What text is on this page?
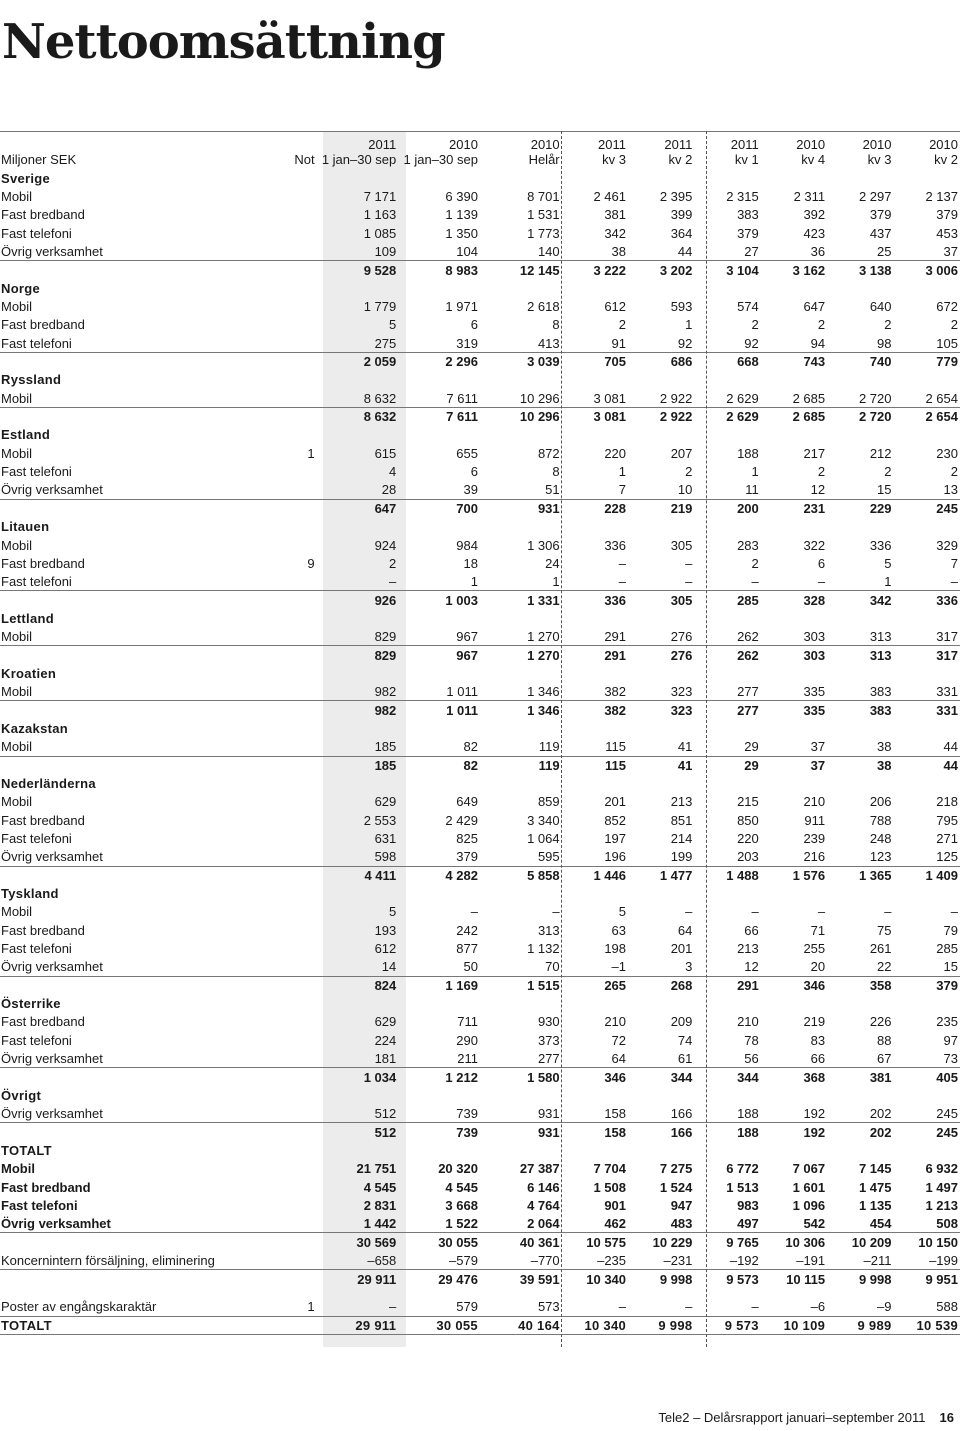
Nettoomsättning
		2011	2010	2010	2011	2011	2011	2010	2010	2010
Miljoner SEK	Not	1 jan–30 sep	1 jan–30 sep	Helår	kv 3	kv 2	kv 1	kv 4	kv 3	kv 2
Sverige										
Mobil		7 171	6 390	8 701	2 461	2 395	2 315	2 311	2 297	2 137
Fast bredband		1 163	1 139	1 531	381	399	383	392	379	379
Fast telefoni		1 085	1 350	1 773	342	364	379	423	437	453
Övrig verksamhet		109	104	140	38	44	27	36	25	37
		9 528	8 983	12 145	3 222	3 202	3 104	3 162	3 138	3 006
Norge										
Mobil		1 779	1 971	2 618	612	593	574	647	640	672
Fast bredband		5	6	8	2	1	2	2	2	2
Fast telefoni		275	319	413	91	92	92	94	98	105
		2 059	2 296	3 039	705	686	668	743	740	779
Ryssland										
Mobil		8 632	7 611	10 296	3 081	2 922	2 629	2 685	2 720	2 654
		8 632	7 611	10 296	3 081	2 922	2 629	2 685	2 720	2 654
Estland										
Mobil	1	615	655	872	220	207	188	217	212	230
Fast telefoni		4	6	8	1	2	1	2	2	2
Övrig verksamhet		28	39	51	7	10	11	12	15	13
		647	700	931	228	219	200	231	229	245
Litauen										
Mobil		924	984	1 306	336	305	283	322	336	329
Fast bredband	9	2	18	24	–	–	2	6	5	7
Fast telefoni		–	1	1	–	–	–	–	1	–
		926	1 003	1 331	336	305	285	328	342	336
Lettland										
Mobil		829	967	1 270	291	276	262	303	313	317
		829	967	1 270	291	276	262	303	313	317
Kroatien										
Mobil		982	1 011	1 346	382	323	277	335	383	331
		982	1 011	1 346	382	323	277	335	383	331
Kazakstan										
Mobil		185	82	119	115	41	29	37	38	44
		185	82	119	115	41	29	37	38	44
Nederländerna										
Mobil		629	649	859	201	213	215	210	206	218
Fast bredband		2 553	2 429	3 340	852	851	850	911	788	795
Fast telefoni		631	825	1 064	197	214	220	239	248	271
Övrig verksamhet		598	379	595	196	199	203	216	123	125
		4 411	4 282	5 858	1 446	1 477	1 488	1 576	1 365	1 409
Tyskland										
Mobil		5	–	–	5	–	–	–	–	–
Fast bredband		193	242	313	63	64	66	71	75	79
Fast telefoni		612	877	1 132	198	201	213	255	261	285
Övrig verksamhet		14	50	70	–1	3	12	20	22	15
		824	1 169	1 515	265	268	291	346	358	379
Österrike										
Fast bredband		629	711	930	210	209	210	219	226	235
Fast telefoni		224	290	373	72	74	78	83	88	97
Övrig verksamhet		181	211	277	64	61	56	66	67	73
		1 034	1 212	1 580	346	344	344	368	381	405
Övrigt										
Övrig verksamhet		512	739	931	158	166	188	192	202	245
		512	739	931	158	166	188	192	202	245
TOTALT										
Mobil		21 751	20 320	27 387	7 704	7 275	6 772	7 067	7 145	6 932
Fast bredband		4 545	4 545	6 146	1 508	1 524	1 513	1 601	1 475	1 497
Fast telefoni		2 831	3 668	4 764	901	947	983	1 096	1 135	1 213
Övrig verksamhet		1 442	1 522	2 064	462	483	497	542	454	508
		30 569	30 055	40 361	10 575	10 229	9 765	10 306	10 209	10 150
Koncernintern försäljning, eliminering		–658	–579	–770	–235	–231	–192	–191	–211	–199
		29 911	29 476	39 591	10 340	9 998	9 573	10 115	9 998	9 951

Poster av engångskaraktär	1	–	579	573	–	–	–	–6	–9	588
TOTALT		29 911	30 055	40 164	10 340	9 998	9 573	10 109	9 989	10 539
Tele2 – Delårsrapport januari–september 2011 16
